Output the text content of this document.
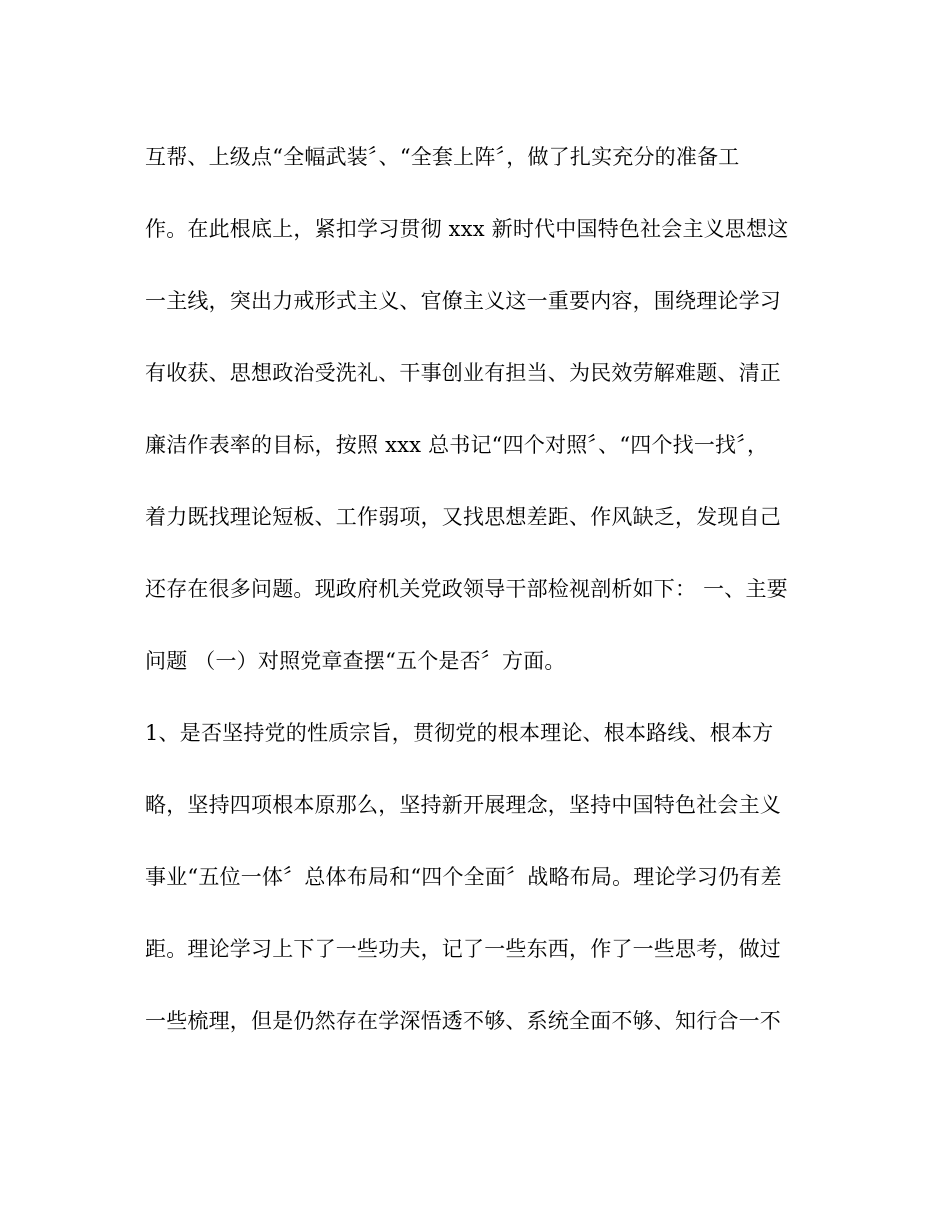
互帮、上级点“全幅武装〞、“全套上阵〞，做了扎实充分的准备工
作。在此根底上，紧扣学习贯彻 xxx 新时代中国特色社会主义思想这
一主线，突出力戒形式主义、官僚主义这一重要内容，围绕理论学习
有收获、思想政治受洗礼、干事创业有担当、为民效劳解难题、清正
廉洁作表率的目标，按照 xxx 总书记“四个对照〞、“四个找一找〞，
着力既找理论短板、工作弱项，又找思想差距、作风缺乏，发现自己
还存在很多问题。现政府机关党政领导干部检视剖析如下： 一、主要
问题 （一）对照党章查摆“五个是否〞方面。
1、是否坚持党的性质宗旨，贯彻党的根本理论、根本路线、根本方
略，坚持四项根本原那么，坚持新开展理念，坚持中国特色社会主义
事业“五位一体〞总体布局和“四个全面〞战略布局。理论学习仍有差
距。理论学习上下了一些功夫，记了一些东西，作了一些思考，做过
一些梳理，但是仍然存在学深悟透不够、系统全面不够、知行合一不
